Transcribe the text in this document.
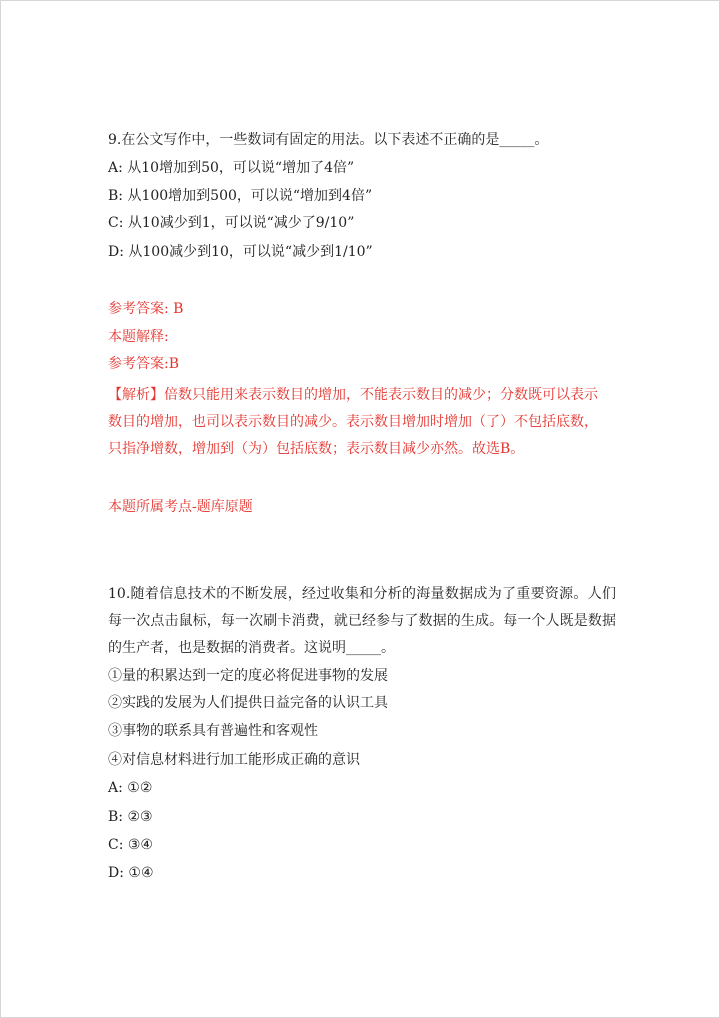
9.在公文写作中，一些数词有固定的用法。以下表述不正确的是_____。
A: 从10增加到50，可以说“增加了4倍”
B: 从100增加到500，可以说“增加到4倍”
C: 从10减少到1，可以说“减少了9/10”
D: 从100减少到10，可以说“减少到1/10”
参考答案: B
本题解释:
参考答案:B
【解析】倍数只能用来表示数目的增加，不能表示数目的减少；分数既可以表示数目的增加，也司以表示数目的减少。表示数目增加时增加（了）不包括底数，只指净增数，增加到（为）包括底数；表示数目减少亦然。故选B。
本题所属考点-题库原题
10.随着信息技术的不断发展，经过收集和分析的海量数据成为了重要资源。人们每一次点击鼠标，每一次刷卡消费，就已经参与了数据的生成。每一个人既是数据的生产者，也是数据的消费者。这说明_____。
①量的积累达到一定的度必将促进事物的发展
②实践的发展为人们提供日益完备的认识工具
③事物的联系具有普遍性和客观性
④对信息材料进行加工能形成正确的意识
A: ①②
B: ②③
C: ③④
D: ①④
